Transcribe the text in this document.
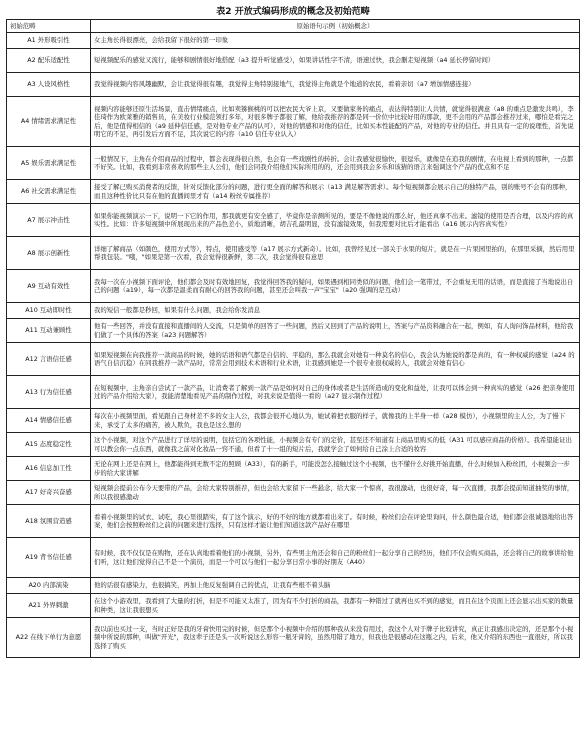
表2 开放式编码形成的概念及初始范畴
初始范畴	原始语句示例（初始概念）
A1 外形吸引性	女主角长得很漂亮，会给我留下很好的第一印象
A2 配乐适配性	短视频配乐的感觉又流行，能够和剧情很好地搭配（a3 提升听觉感受），如果讲话性字不清，语速过快，我会删走短视频（a4 延长停留时间）
A3 人设风格性	我觉得视频内容风趣幽默，会让我觉得很有趣，我觉得主角特别接地气，我觉得主角就是个地道的农民，看着亲切（a7 增加情感连接）
A4 情绪需求满足性	视频内容能够还原生活场景，直击情绪痛点，比如卖猕猴桃的可以把农民大爷上京，又要做家务的痛点，表达得特别让人共情，就觉得很满意（a8 的重点是激发共鸣），李佳琦作为欧莱雅的销售员，在美妆行业模范领打多年，对很多牌子都很了解，他给我推荐的都是同一价位中比较好用的那款，更不会用的产品都会推荐过来，哪怕是看完之后，他是值得相信的（a9 延伸信任感，是对他专业产品的认可），对他的情感和对他的信任，比如买本性能配的产品，对他的专业的信任。并且具有一定的说理性，首先说明它的不足，再引发后方面不足，其次说它的内容（a10 信任专业认入）
A5 娱乐需求满足性	一般情况下，主角在介绍商品的过程中，都会表现得很自然，也会有一些戏剧性的转折。会让我感觉很愉快，很逗乐，就像是在追我的剧情，在电视上看到的那种，一点都不好笑。比如，我看到非常喜欢的那些主人公们，他们会同我介绍他们实际所用的的，还会用到我会多乐和该猜的语言来强调这个产品的优点和不足
A6 社交需求满足性	接受了解已购买消费者的反馈，针对反馈化部分的问题，进行更全面的解答和展示（a13 满足解答需求）。每个短视频都会展示自己的独特产品，别的账号不会有的那种，而且这种性价比只有在他的直播间里才有（a14 粉丝专属推荐）
A7 展示冲击性	如果你能视频演示一下，说明一下它的作用，那我就更有安全感了，毕竟你是亲测所见的，要是不像他说的那么好，他还真拿不出来。滤镜的使用是否合理，以及内容的真实性。比如：许多短视频中所展现出来的产品色差小，质地清晰，胡吉孔最明显，没有滤镜效果，但我需要对比后才能看出（a16 展示内容真实性）
A8 展示创新性	详细了解商品（如颜色，使用方式等），特点，使用感受等（a17 展示方式新奇）。比如，我曾经见过一部关于水果的短片，就是在一片果园里拍的，在那里采摘，然后用里帮我包装。"哦，"如果是第一次看，我会觉得很新鲜，第二次，我会觉得很有意思
A9 互动有效性	我每一次在小视频下面评论，他们都会及时有效地回复，我觉得回答我的疑问，如果遇到相同类似的问题，他们会一笔带过，不会重复无用的话语，而是直接了当地说出自己的问题（a19），每一次都是温柔而有耐心的回答我的问题，甚至还会叫我一声"宝宝"（a20 强调的是互动）
A10 互动即时性	我的短信一般都是秒回，如果有什么问题，我会给你发消息
A11 互动兼顾性	他有一些回答，并没有直接和直播间的人交流，只是简单的回答了一些问题，然后又回到了产品的说明上，答案与产品资料融合在一起，例如，有人询问饰品材料，他给我们做了一个具体的答案（a23 问题解答）
A12 言语信任感	如果短视频在向我推荐一款商品的时候，她的话语和语气都是自信的、平稳的，那么我就会对她有一种莫名的信心，我会认为她说的都是真的，有一种权威的感觉（a24 的语气自信沉稳）在同我推荐一款产品时，常常会用到技术术语和行业术语，让我感到她是一个很专业很权威的人，我就会对她有信心
A13 行为信任感	在短视频中，主角亲自尝试了一款产品，让消费者了解到一款产品是如何对自己的身体或者是生活所造成的变化和益处，让我可以体会到一种真实的感觉（a26 把亲身使用过的产品介绍给大家），我能清楚地看见产品的制作过程，对我来说是值得一看的（a27 显示制作过程）
A14 情感信任感	每次在小视频里面，看见跟自己身材差不多的女主人公，我都会很开心地认为，她试着把衣服的样子，就像我的上半身一样（a28 模仿），小视频里的主人公，为了慢下来，承受了太多的痛苦，被人欺负，我也是这么想的
A15 态度稳定性	这个小视频，对这个产品进行了详尽的说明，包括它的各项性能，小视频会有专门的定价，甚至还不知道有上商品里购买的低（A31 可以感应商品的价格）。我希望能证出可以教会你一点东西，就像我之前对化妆品一窍不通，但看了十一组的短片后，我就学会了如何给自己涂上合适的妆容
A16 信息加工性	无论在网上还是在网上，他都能得到无数不定的照顾（A33），有的新手，可能没怎么接触过这个小视频，也不懂什么好挑开始直播，什么时候加入粉丝团，小视频会一步步的给大家讲解
A17 好奇兴奋感	短视频会提前公布今天要带的产品，会给大家特别推荐，但也会给大家留下一些悬念，给大家一个惊喜，我很激动，也很好奇，每一次直播，我都会提前知道抽奖的事情，所以我很感激动
A18 氛围营造感	看着小视频里的试衣、试吃，我心里很踏实，有了这个演示，好的不好的地方就都看出来了。有时候，粉丝们会在评论里询问，什么颜色最合适，他们都会很诚恳地给出答案，他们会按照粉丝们之前的问题来进行选择，只有这样才能让他们知道这款产品好在哪里
A19 背书信任感	有时候，我不仅仅是在购物，还在认真地看着他们的小视频，另外，有些男主角还会和自己的粉丝们一起分享自己的经历，他们不仅会购买商品，还会将自己的故事讲给他们听，这让他们觉得自己不是一个演员，而是一个可以与他们一起分享日常小事的好朋友（A40）
A20 内部演染	他的话很有感染力，也很搞笑，再加上他反复强调自己的优点，让我有些根不着头脑
A21 外界刺激	在这个小游戏里，我看到了大量的打折，但是不可能又太准了，因为有不少打折的商品，我都有一种错过了就再也买不到的感觉，而且在这个页面上还会显示出买家的数量和种类，这让我很想买
A22 在线下单行为意愿	我以前也买过一支，当时正好是我的牙膏快用完的时候，但是那个小视频中介绍的那种我从来没有用过，我这个人对于牌子比较讲究，真正让我感出决定的，还是那个小视频中所说的那种，叫做"开光"，我这辈子还是头一次听说这么形容一瓶牙膏的，虽然用错了地方，但我也是很感动在这瓶之内，后来，他又介绍的东西也一直很好，所以我选择了购买
